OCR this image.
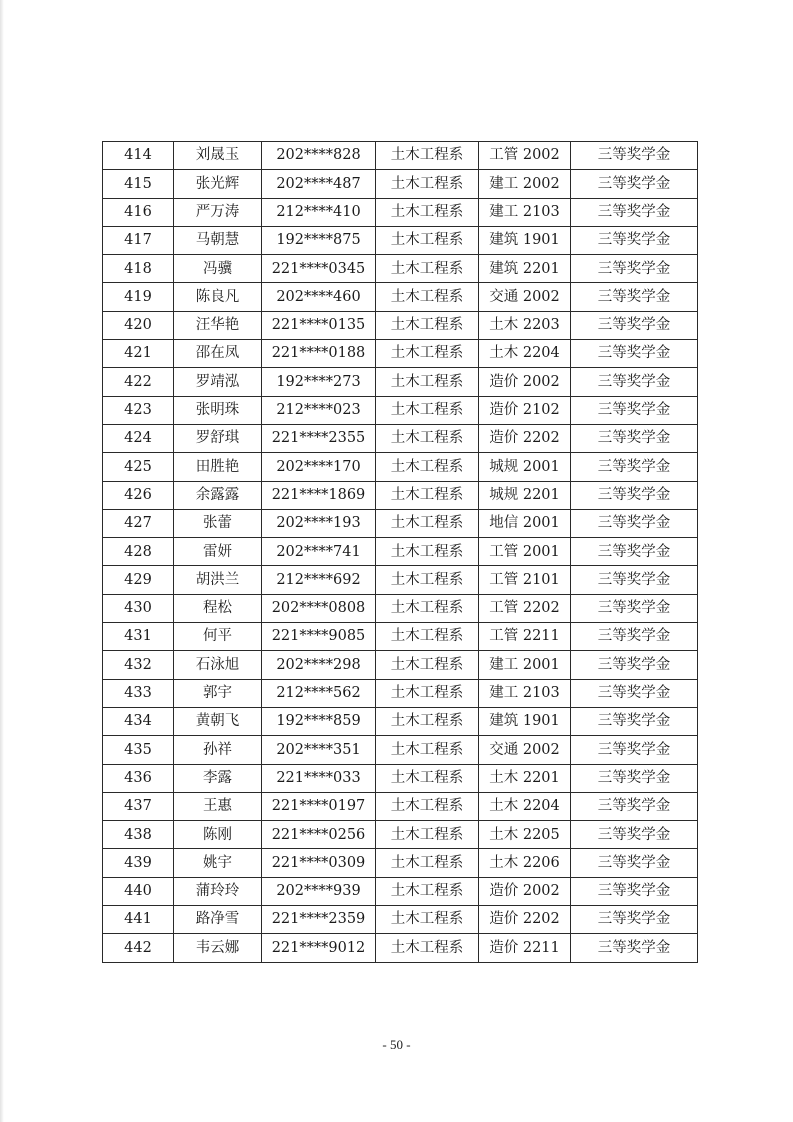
414	刘晟玉	202****828	土木工程系	工管 2002	三等奖学金
415	张光辉	202****487	土木工程系	建工 2002	三等奖学金
416	严万涛	212****410	土木工程系	建工 2103	三等奖学金
417	马朝慧	192****875	土木工程系	建筑 1901	三等奖学金
418	冯骥	221****0345	土木工程系	建筑 2201	三等奖学金
419	陈良凡	202****460	土木工程系	交通 2002	三等奖学金
420	汪华艳	221****0135	土木工程系	土木 2203	三等奖学金
421	邵在凤	221****0188	土木工程系	土木 2204	三等奖学金
422	罗靖泓	192****273	土木工程系	造价 2002	三等奖学金
423	张明珠	212****023	土木工程系	造价 2102	三等奖学金
424	罗舒琪	221****2355	土木工程系	造价 2202	三等奖学金
425	田胜艳	202****170	土木工程系	城规 2001	三等奖学金
426	余露露	221****1869	土木工程系	城规 2201	三等奖学金
427	张蕾	202****193	土木工程系	地信 2001	三等奖学金
428	雷妍	202****741	土木工程系	工管 2001	三等奖学金
429	胡洪兰	212****692	土木工程系	工管 2101	三等奖学金
430	程松	202****0808	土木工程系	工管 2202	三等奖学金
431	何平	221****9085	土木工程系	工管 2211	三等奖学金
432	石泳旭	202****298	土木工程系	建工 2001	三等奖学金
433	郭宇	212****562	土木工程系	建工 2103	三等奖学金
434	黄朝飞	192****859	土木工程系	建筑 1901	三等奖学金
435	孙祥	202****351	土木工程系	交通 2002	三等奖学金
436	李露	221****033	土木工程系	土木 2201	三等奖学金
437	王惠	221****0197	土木工程系	土木 2204	三等奖学金
438	陈刚	221****0256	土木工程系	土木 2205	三等奖学金
439	姚宇	221****0309	土木工程系	土木 2206	三等奖学金
440	蒲玲玲	202****939	土木工程系	造价 2002	三等奖学金
441	路净雪	221****2359	土木工程系	造价 2202	三等奖学金
442	韦云娜	221****9012	土木工程系	造价 2211	三等奖学金
- 50 -
